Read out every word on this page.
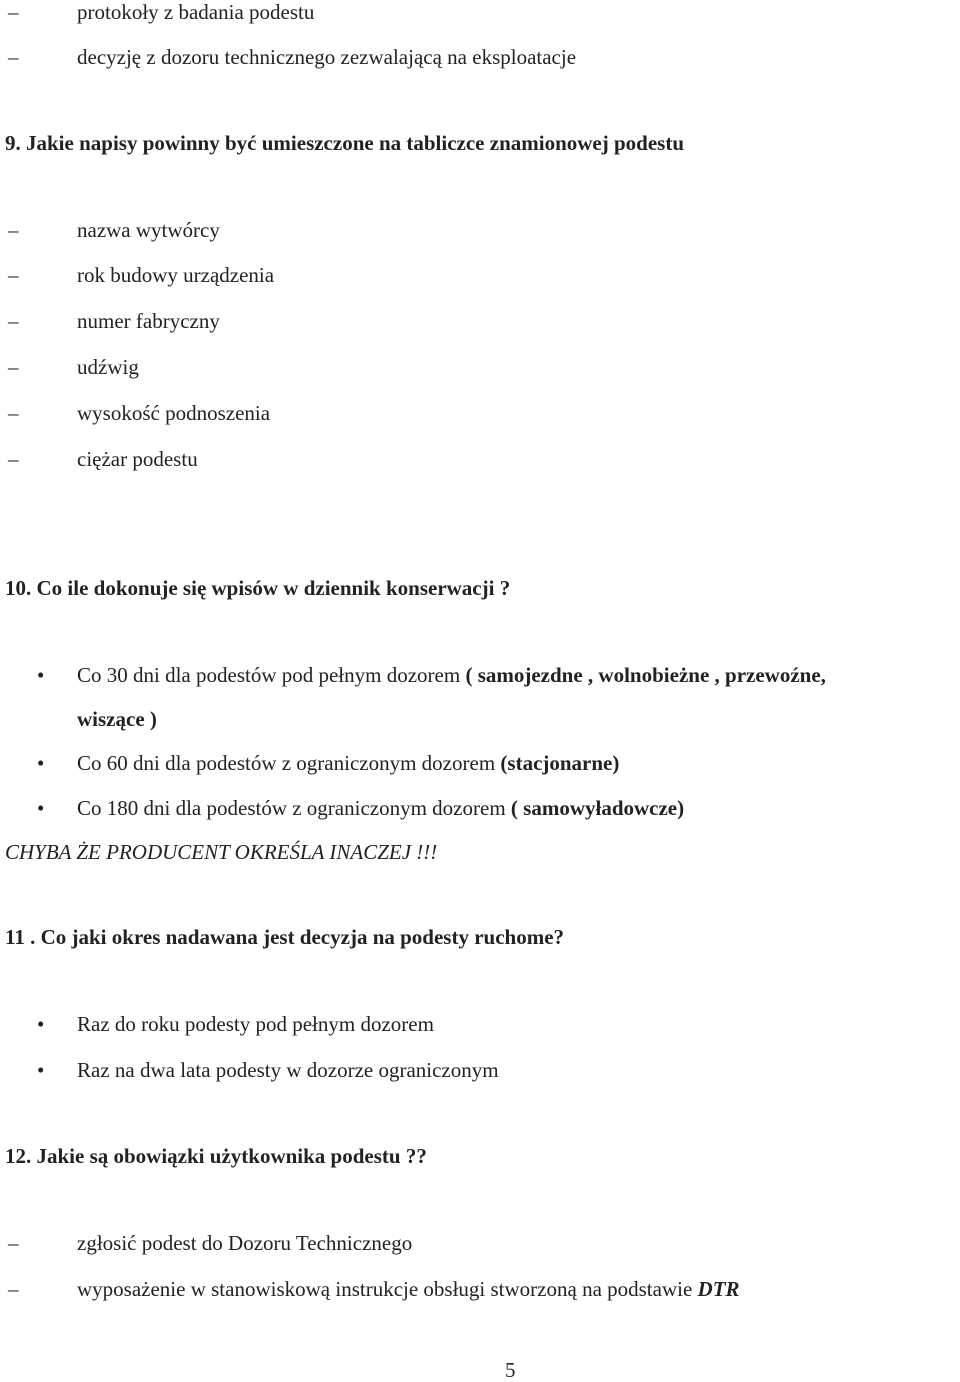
–	protokoły z badania podestu
–	decyzję z dozoru technicznego zezwalającą na eksploatacje
9. Jakie napisy powinny być umieszczone na tabliczce znamionowej podestu
–	nazwa wytwórcy
–	rok budowy urządzenia
–	numer fabryczny
–	udźwig
–	wysokość podnoszenia
–	ciężar podestu
10. Co ile dokonuje się wpisów w dziennik konserwacji ?
• Co 30 dni dla podestów pod pełnym dozorem ( samojezdne , wolnobieżne , przewoźne,
wiszące )
• Co 60 dni dla podestów z ograniczonym dozorem (stacjonarne)
• Co 180 dni dla podestów z ograniczonym dozorem ( samowyładowcze)
CHYBA ŻE PRODUCENT OKREŚLA INACZEJ !!!
11 . Co jaki okres nadawana jest decyzja na podesty ruchome?
• Raz do roku podesty pod pełnym dozorem
• Raz na dwa lata podesty w dozorze ograniczonym
12. Jakie są obowiązki użytkownika podestu ??
–	zgłosić podest do Dozoru Technicznego
–	wyposażenie w stanowiskową instrukcje obsługi stworzoną na podstawie DTR
5
